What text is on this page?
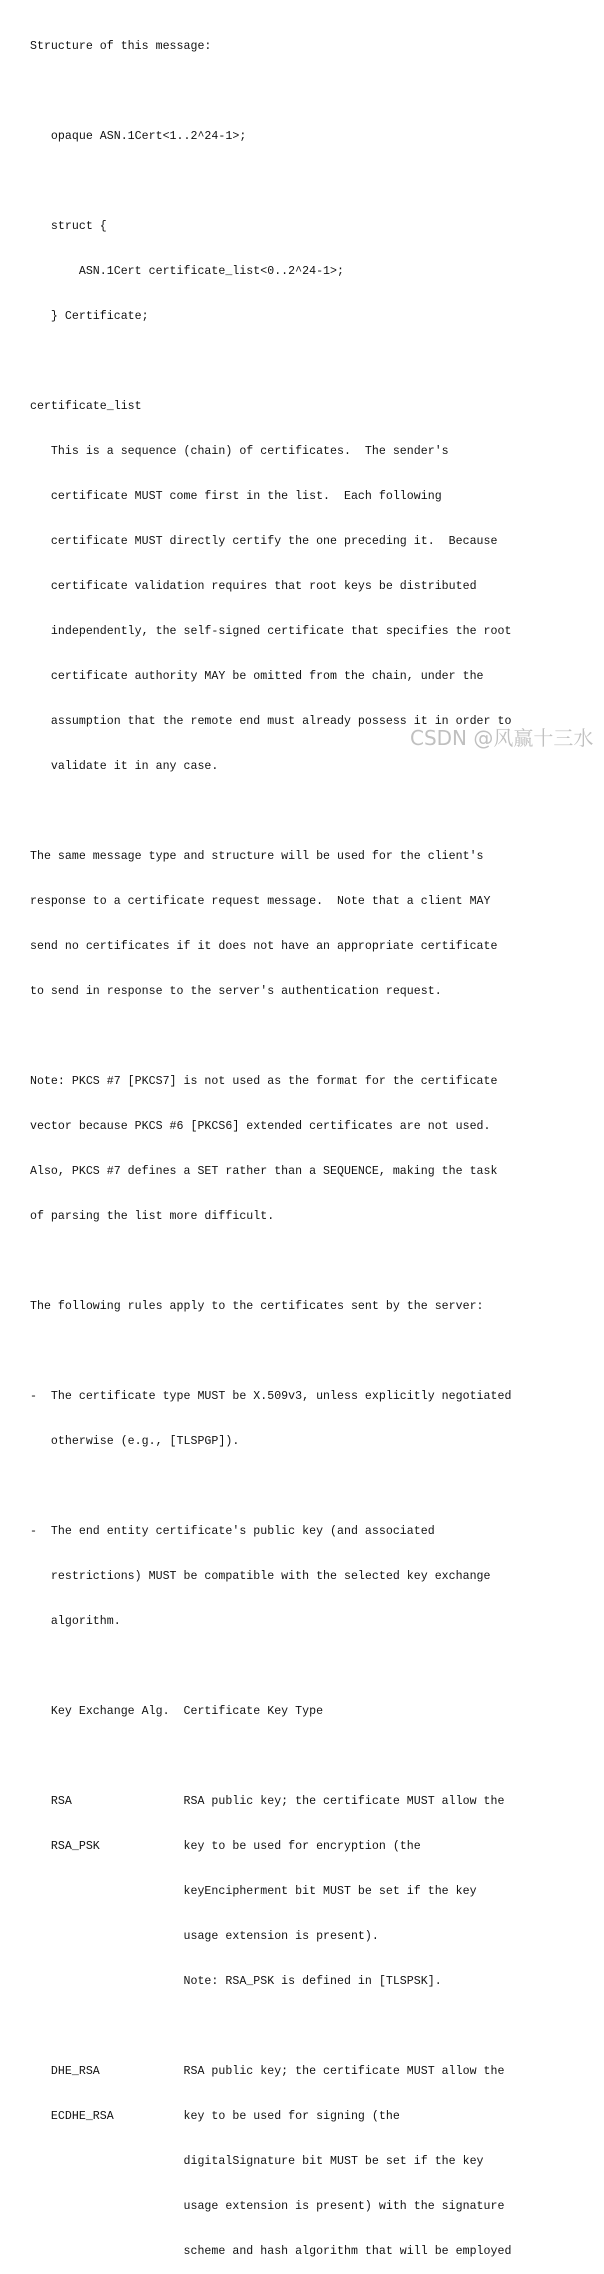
Structure of this message:

opaque ASN.1Cert<1..2^24-1>;

struct {

ASN.1Cert certificate_list<0..2^24-1>;

} Certificate;

certificate_list

This is a sequence (chain) of certificates.  The sender's

certificate MUST come first in the list.  Each following

certificate MUST directly certify the one preceding it.  Because

certificate validation requires that root keys be distributed

independently, the self-signed certificate that specifies the root

certificate authority MAY be omitted from the chain, under the

assumption that the remote end must already possess it in order to

validate it in any case.

The same message type and structure will be used for the client's

response to a certificate request message.  Note that a client MAY

send no certificates if it does not have an appropriate certificate

to send in response to the server's authentication request.

Note: PKCS #7 [PKCS7] is not used as the format for the certificate

vector because PKCS #6 [PKCS6] extended certificates are not used.

Also, PKCS #7 defines a SET rather than a SEQUENCE, making the task

of parsing the list more difficult.

The following rules apply to the certificates sent by the server:

-  The certificate type MUST be X.509v3, unless explicitly negotiated

otherwise (e.g., [TLSPGP]).

-  The end entity certificate's public key (and associated

restrictions) MUST be compatible with the selected key exchange

algorithm.

Key Exchange Alg.  Certificate Key Type

RSA                RSA public key; the certificate MUST allow the

RSA_PSK            key to be used for encryption (the

keyEncipherment bit MUST be set if the key

usage extension is present).

Note: RSA_PSK is defined in [TLSPSK].

DHE_RSA            RSA public key; the certificate MUST allow the

ECDHE_RSA          key to be used for signing (the

digitalSignature bit MUST be set if the key

usage extension is present) with the signature

scheme and hash algorithm that will be employed

CSDN @风赢十三水
